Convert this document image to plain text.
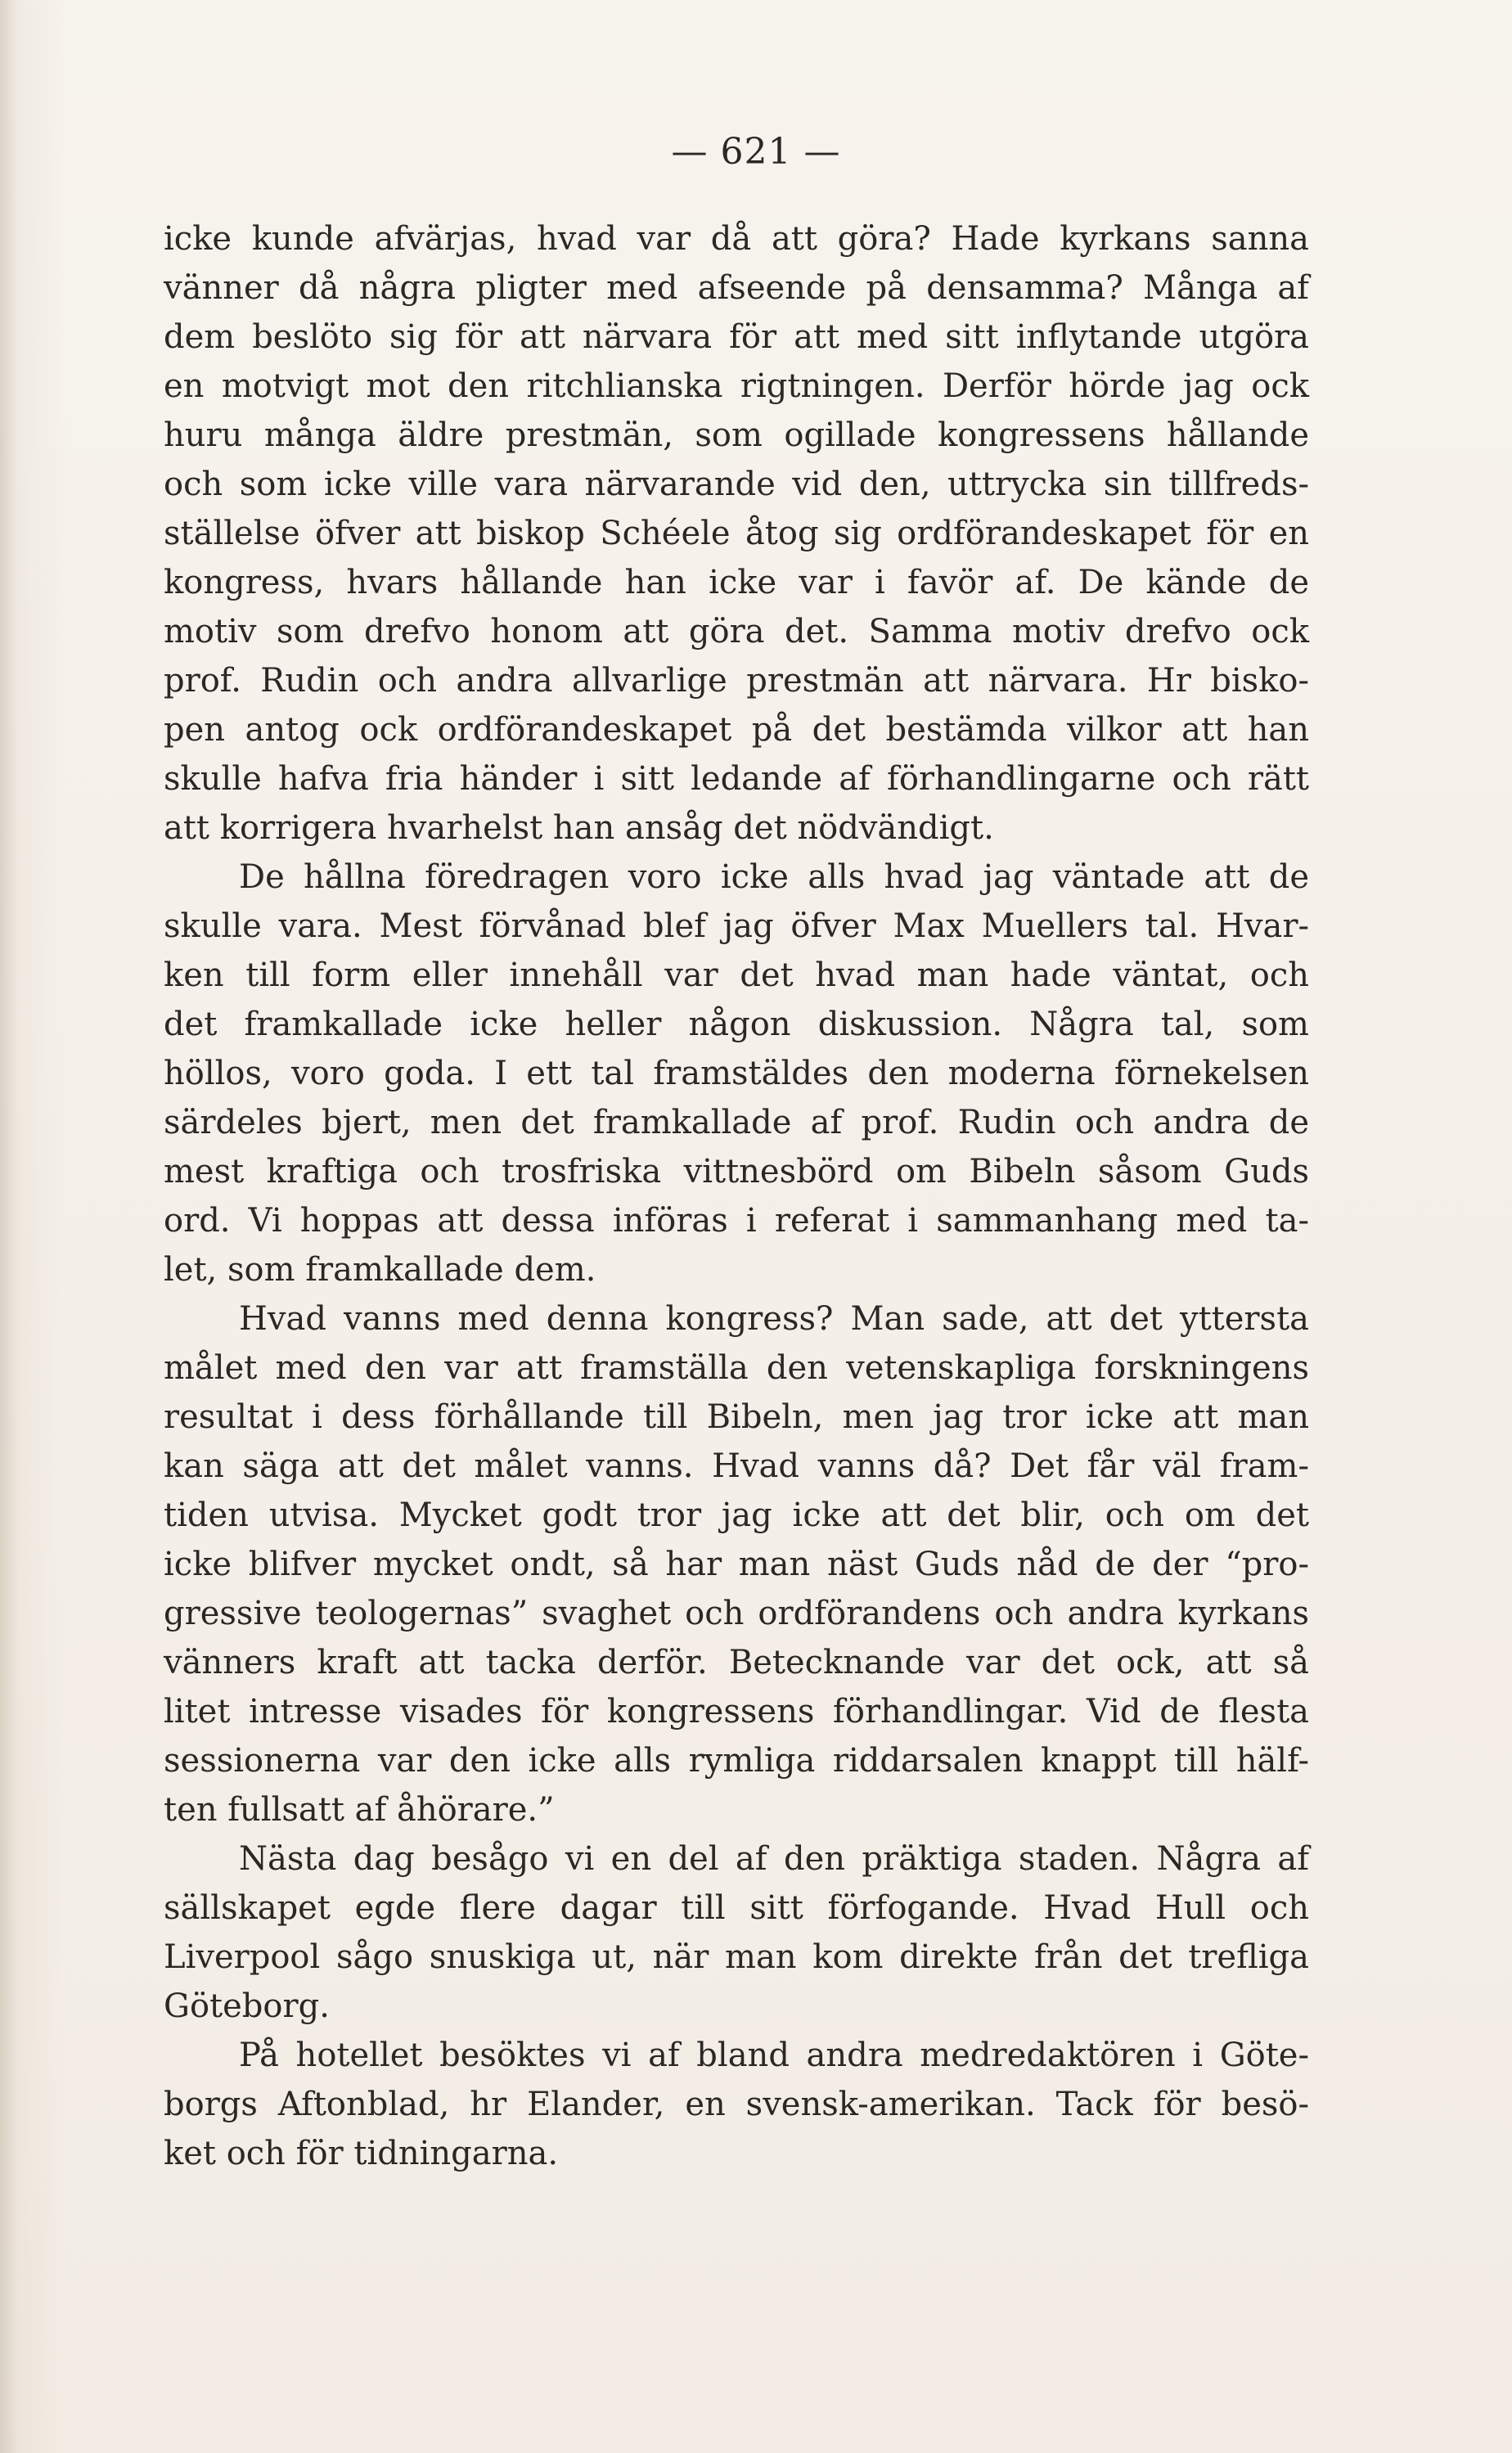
— 621 —
icke kunde afvärjas, hvad var då att göra? Hade kyrkans sanna
vänner då några pligter med afseende på densamma? Många af
dem beslöto sig för att närvara för att med sitt inflytande utgöra
en motvigt mot den ritchlianska rigtningen. Derför hörde jag ock
huru många äldre prestmän, som ogillade kongressens hållande
och som icke ville vara närvarande vid den, uttrycka sin tillfreds-
ställelse öfver att biskop Schéele åtog sig ordförandeskapet för en
kongress, hvars hållande han icke var i favör af. De kände de
motiv som drefvo honom att göra det. Samma motiv drefvo ock
prof. Rudin och andra allvarlige prestmän att närvara. Hr bisko-
pen antog ock ordförandeskapet på det bestämda vilkor att han
skulle hafva fria händer i sitt ledande af förhandlingarne och rätt
att korrigera hvarhelst han ansåg det nödvändigt.
De hållna föredragen voro icke alls hvad jag väntade att de
skulle vara. Mest förvånad blef jag öfver Max Muellers tal. Hvar-
ken till form eller innehåll var det hvad man hade väntat, och
det framkallade icke heller någon diskussion. Några tal, som
höllos, voro goda. I ett tal framstäldes den moderna förnekelsen
särdeles bjert, men det framkallade af prof. Rudin och andra de
mest kraftiga och trosfriska vittnesbörd om Bibeln såsom Guds
ord. Vi hoppas att dessa införas i referat i sammanhang med ta-
let, som framkallade dem.
Hvad vanns med denna kongress? Man sade, att det yttersta
målet med den var att framställa den vetenskapliga forskningens
resultat i dess förhållande till Bibeln, men jag tror icke att man
kan säga att det målet vanns. Hvad vanns då? Det får väl fram-
tiden utvisa. Mycket godt tror jag icke att det blir, och om det
icke blifver mycket ondt, så har man näst Guds nåd de der “pro-
gressive teologernas” svaghet och ordförandens och andra kyrkans
vänners kraft att tacka derför. Betecknande var det ock, att så
litet intresse visades för kongressens förhandlingar. Vid de flesta
sessionerna var den icke alls rymliga riddarsalen knappt till hälf-
ten fullsatt af åhörare.”
Nästa dag besågo vi en del af den präktiga staden. Några af
sällskapet egde flere dagar till sitt förfogande. Hvad Hull och
Liverpool sågo snuskiga ut, när man kom direkte från det trefliga
Göteborg.
På hotellet besöktes vi af bland andra medredaktören i Göte-
borgs Aftonblad, hr Elander, en svensk-amerikan. Tack för besö-
ket och för tidningarna.
